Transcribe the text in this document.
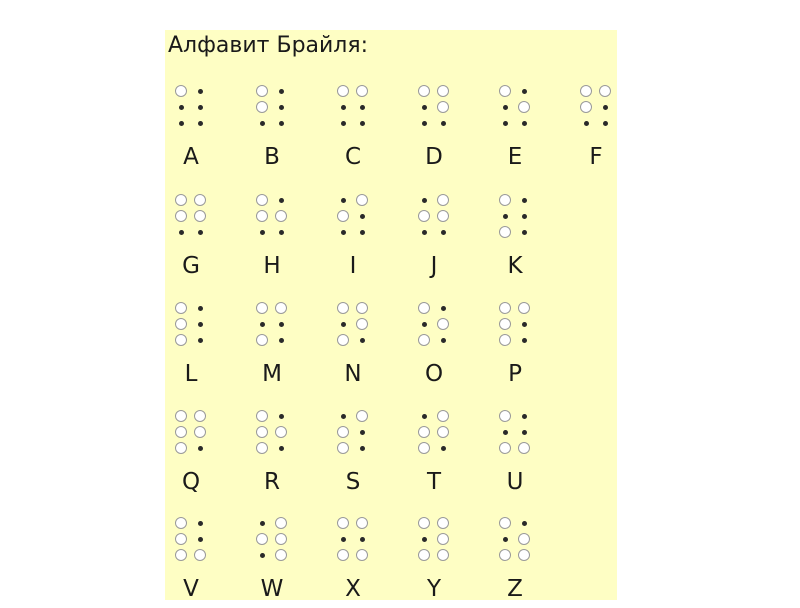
Алфавит Брайля:
A	B	C	D	E	F
G	H	I	J	K
L	M	N	O	P
Q	R	S	T	U
V	W	X	Y	Z
